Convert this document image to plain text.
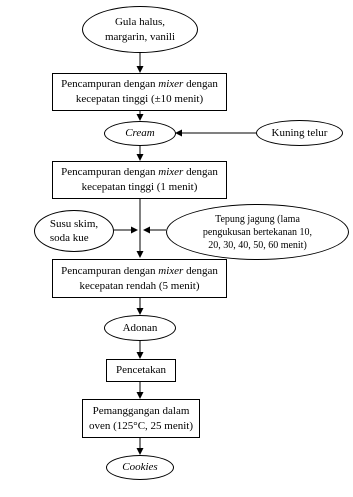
Gula halus,
margarin, vanili
Pencampuran dengan mixer dengan
kecepatan tinggi (±10 menit)
Cream	Kuning telur
Pencampuran dengan mixer dengan
kecepatan tinggi (1 menit)
Susu skim,
soda kue
Tepung jagung (lama
pengukusan bertekanan 10,
20, 30, 40, 50, 60 menit)
Pencampuran dengan mixer dengan
kecepatan rendah (5 menit)
Adonan
Pencetakan
Pemanggangan dalam
oven (125°C, 25 menit)
Cookies
